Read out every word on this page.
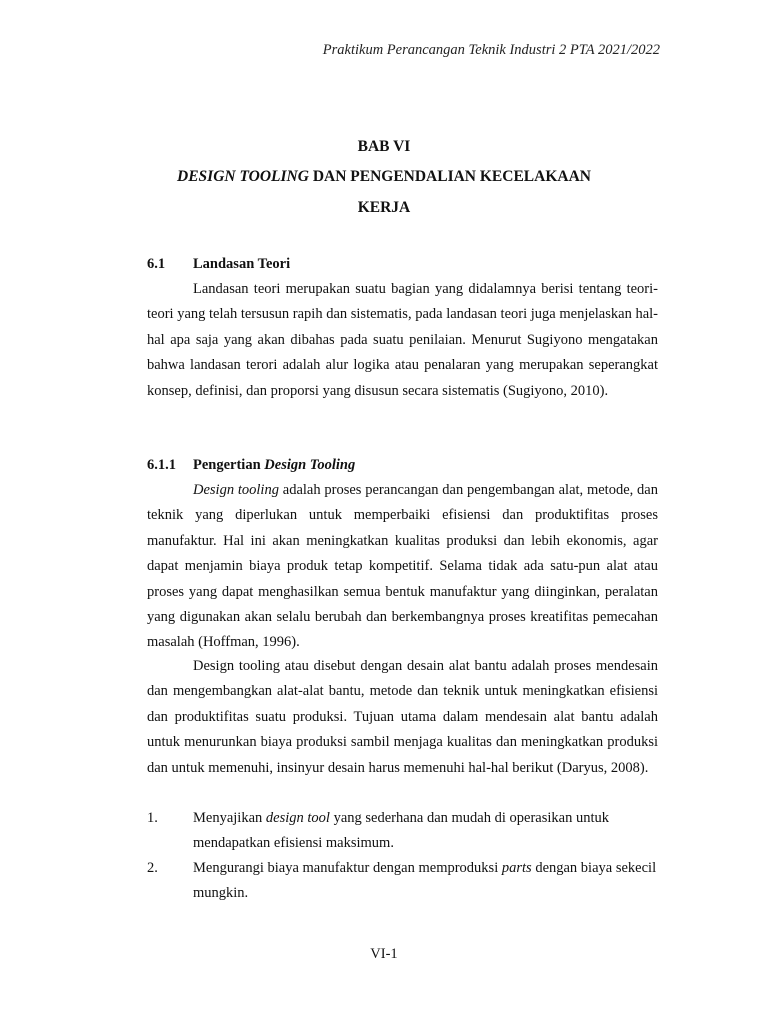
Praktikum Perancangan Teknik Industri 2 PTA 2021/2022
BAB VI
DESIGN TOOLING DAN PENGENDALIAN KECELAKAAN
KERJA
6.1 Landasan Teori
Landasan teori merupakan suatu bagian yang didalamnya berisi tentang teori-teori yang telah tersusun rapih dan sistematis, pada landasan teori juga menjelaskan hal-hal apa saja yang akan dibahas pada suatu penilaian. Menurut Sugiyono mengatakan bahwa landasan terori adalah alur logika atau penalaran yang merupakan seperangkat konsep, definisi, dan proporsi yang disusun secara sistematis (Sugiyono, 2010).
6.1.1 Pengertian Design Tooling
Design tooling adalah proses perancangan dan pengembangan alat, metode, dan teknik yang diperlukan untuk memperbaiki efisiensi dan produktifitas proses manufaktur. Hal ini akan meningkatkan kualitas produksi dan lebih ekonomis, agar dapat menjamin biaya produk tetap kompetitif. Selama tidak ada satu-pun alat atau proses yang dapat menghasilkan semua bentuk manufaktur yang diinginkan, peralatan yang digunakan akan selalu berubah dan berkembangnya proses kreatifitas pemecahan masalah (Hoffman, 1996).
Design tooling atau disebut dengan desain alat bantu adalah proses mendesain dan mengembangkan alat-alat bantu, metode dan teknik untuk meningkatkan efisiensi dan produktifitas suatu produksi. Tujuan utama dalam mendesain alat bantu adalah untuk menurunkan biaya produksi sambil menjaga kualitas dan meningkatkan produksi dan untuk memenuhi, insinyur desain harus memenuhi hal-hal berikut (Daryus, 2008).
1.	Menyajikan design tool yang sederhana dan mudah di operasikan untuk mendapatkan efisiensi maksimum.
2.	Mengurangi biaya manufaktur dengan memproduksi parts dengan biaya sekecil mungkin.
VI-1
